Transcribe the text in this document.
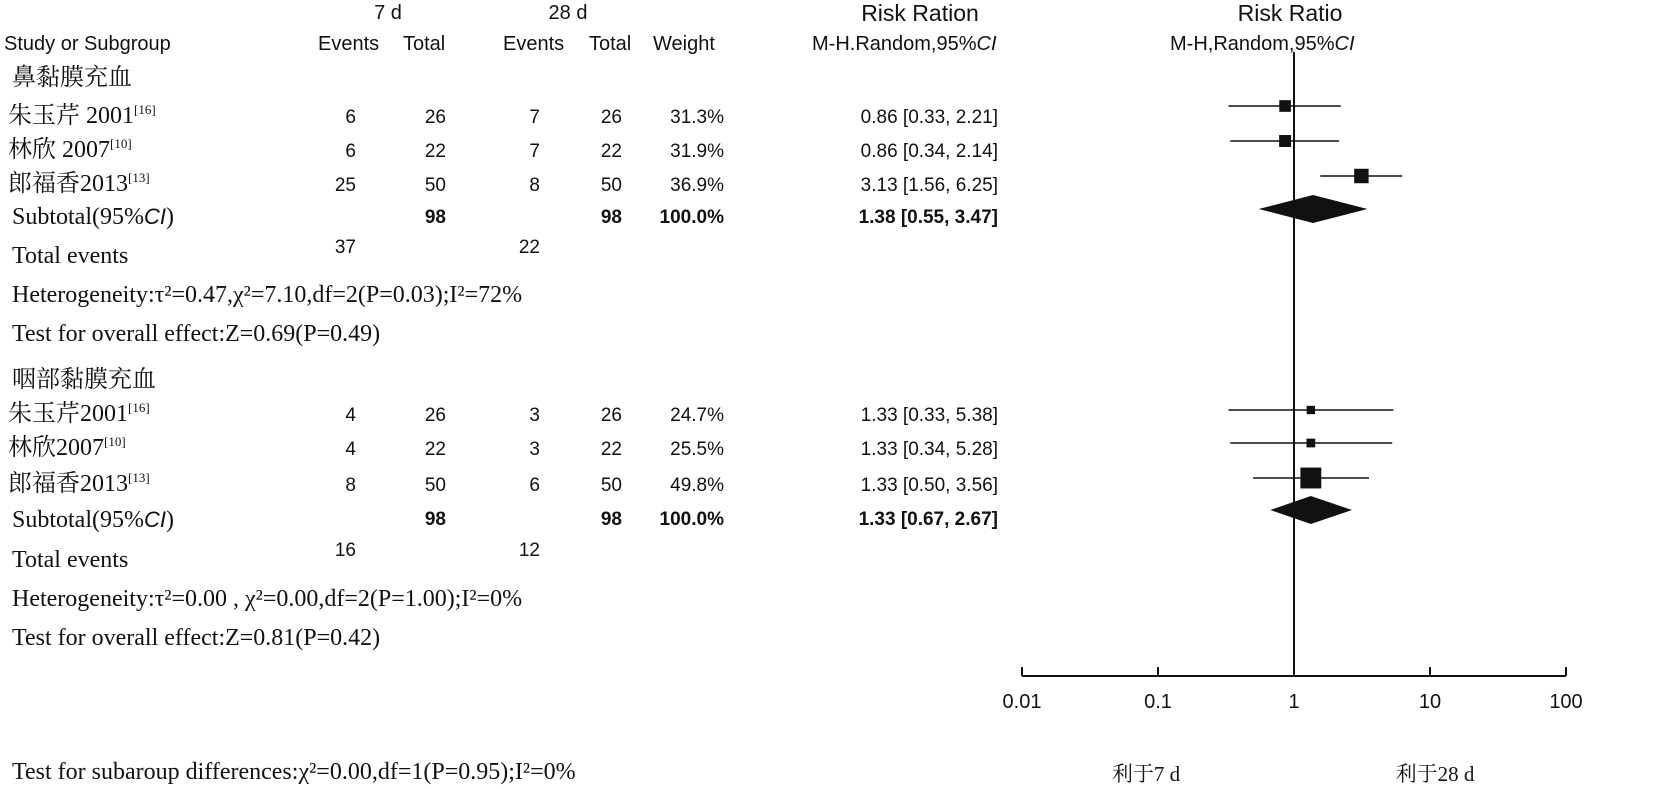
7 d	28 d	Risk Ration	Risk Ratio
Study or Subgroup	Events Total	Events Total Weight	M-H.Random,95%CI	M-H,Random,95%CI
鼻黏膜充血
朱玉芹 2001[16]	6	26	7	26	31.3%	0.86 [0.33, 2.21]
林欣 2007[10]	6	22	7	22	31.9%	0.86 [0.34, 2.14]
郎福香2013[13]	25	50	8	50	36.9%	3.13 [1.56, 6.25]
Subtotal(95%CI)	98	98	100.0%	1.38 [0.55, 3.47]
Total events	37	22
Heterogeneity:τ²=0.47,χ²=7.10,df=2(P=0.03);I²=72%
Test for overall effect:Z=0.69(P=0.49)
咽部黏膜充血
朱玉芹2001[16]	4	26	3	26	24.7%	1.33 [0.33, 5.38]
林欣2007[10]	4	22	3	22	25.5%	1.33 [0.34, 5.28]
郎福香2013[13]	8	50	6	50	49.8%	1.33 [0.50, 3.56]
Subtotal(95%CI)	98	98	100.0%	1.33 [0.67, 2.67]
Total events	16	12
Heterogeneity:τ²=0.00 , χ²=0.00,df=2(P=1.00);I²=0%
Test for overall effect:Z=0.81(P=0.42)
Test for subaroup differences:χ²=0.00,df=1(P=0.95);I²=0%
0.01	0.1	1	10	100
利于7 d	利于28 d
